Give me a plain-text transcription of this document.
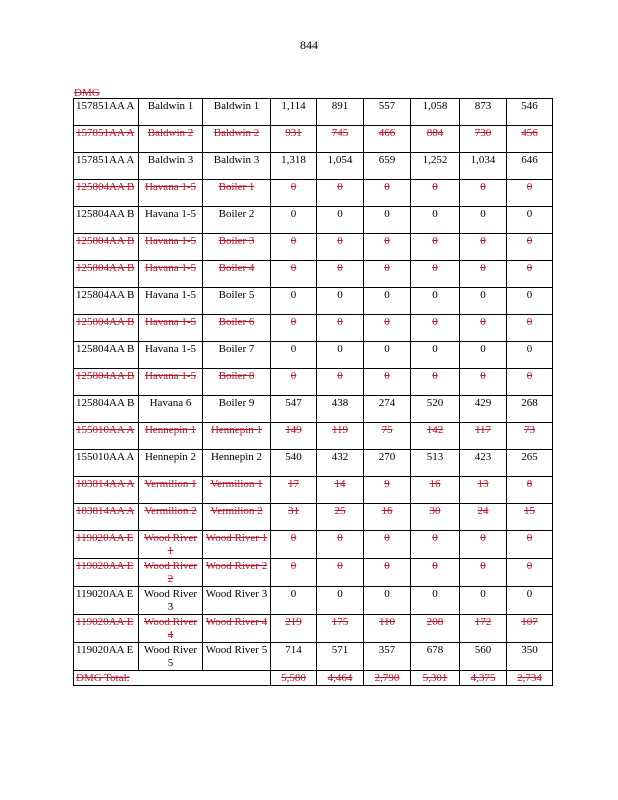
844
DMG
157851AA A	Baldwin 1	Baldwin 1	1,114	891	557	1,058	873	546
157851AA A	Baldwin 2	Baldwin 2	931	745	466	884	730	456
157851AA A	Baldwin 3	Baldwin 3	1,318	1,054	659	1,252	1,034	646
125804AA B	Havana 1-5	Boiler 1	0	0	0	0	0	0
125804AA B	Havana 1-5	Boiler 2	0	0	0	0	0	0
125804AA B	Havana 1-5	Boiler 3	0	0	0	0	0	0
125804AA B	Havana 1-5	Boiler 4	0	0	0	0	0	0
125804AA B	Havana 1-5	Boiler 5	0	0	0	0	0	0
125804AA B	Havana 1-5	Boiler 6	0	0	0	0	0	0
125804AA B	Havana 1-5	Boiler 7	0	0	0	0	0	0
125804AA B	Havana 1-5	Boiler 8	0	0	0	0	0	0
125804AA B	Havana 6	Boiler 9	547	438	274	520	429	268
155010AA A	Hennepin 1	Hennepin 1	149	119	75	142	117	73
155010AA A	Hennepin 2	Hennepin 2	540	432	270	513	423	265
183814AA A	Vermilion 1	Vermilion 1	17	14	9	16	13	8
183814AA A	Vermilion 2	Vermilion 2	31	25	16	30	24	15
119020AA E	Wood River 1	Wood River 1	0	0	0	0	0	0
119020AA E	Wood River 2	Wood River 2	0	0	0	0	0	0
119020AA E	Wood River 3	Wood River 3	0	0	0	0	0	0
119020AA E	Wood River 4	Wood River 4	219	175	110	208	172	107
119020AA E	Wood River 5	Wood River 5	714	571	357	678	560	350
DMG Total:			5,580	4,464	2,790	5,301	4,375	2,734
